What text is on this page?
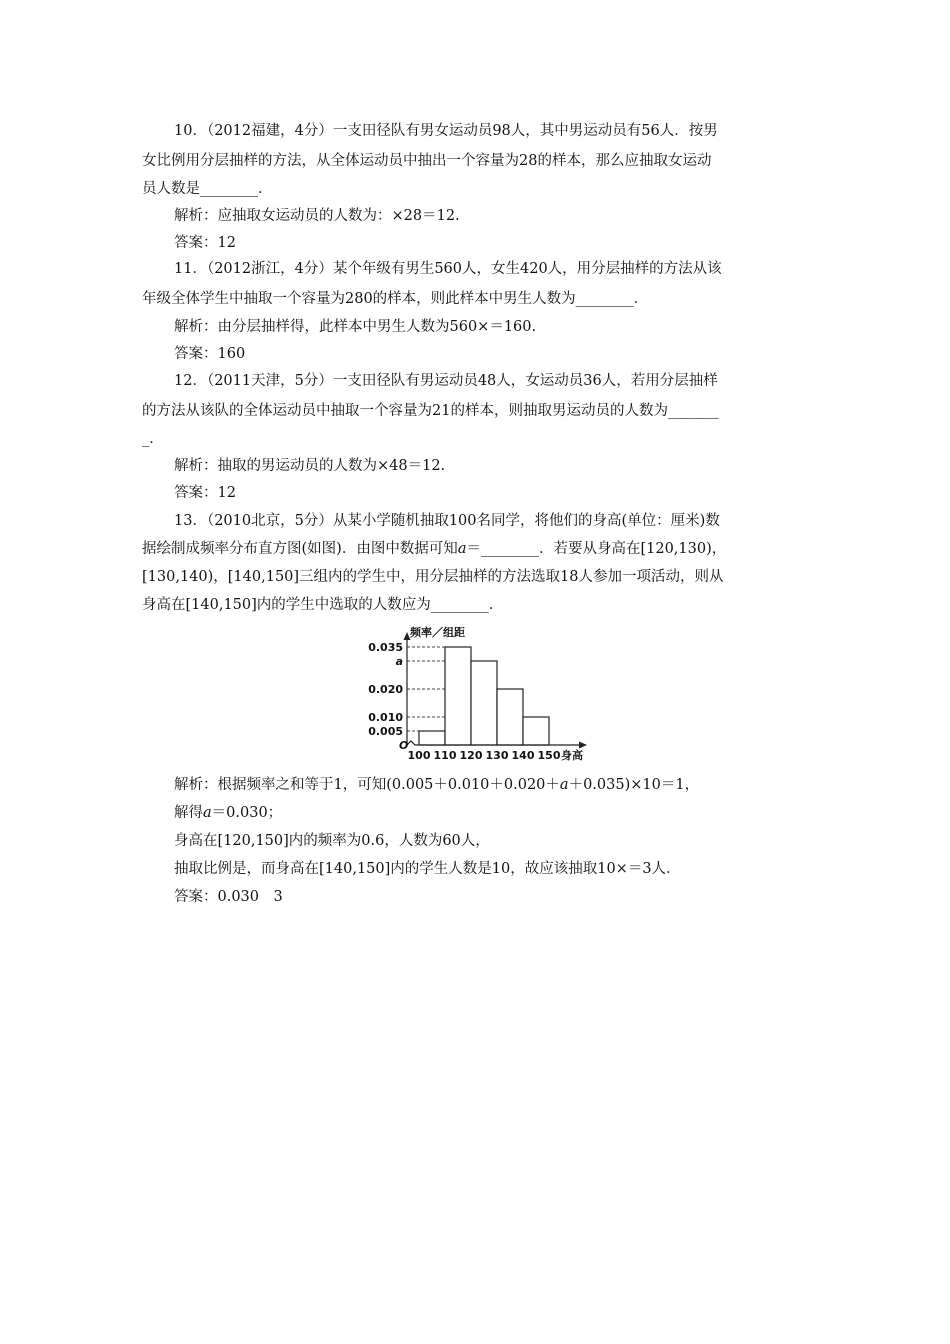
10．（2012福建，4分）一支田径队有男女运动员98人，其中男运动员有56人．按男
女比例用分层抽样的方法，从全体运动员中抽出一个容量为28的样本，那么应抽取女运动
员人数是________．
解析：应抽取女运动员的人数为：×28＝12.
答案：12
11．（2012浙江，4分）某个年级有男生560人，女生420人，用分层抽样的方法从该
年级全体学生中抽取一个容量为280的样本，则此样本中男生人数为________．
解析：由分层抽样得，此样本中男生人数为560×＝160.
答案：160
12．（2011天津，5分）一支田径队有男运动员48人，女运动员36人，若用分层抽样
的方法从该队的全体运动员中抽取一个容量为21的样本，则抽取男运动员的人数为_______
_．
解析：抽取的男运动员的人数为×48＝12.
答案：12
13．（2010北京，5分）从某小学随机抽取100名同学，将他们的身高(单位：厘米)数
据绘制成频率分布直方图(如图)．由图中数据可知a＝________．若要从身高在[120,130)，
[130,140)，[140,150]三组内的学生中，用分层抽样的方法选取18人参加一项活动，则从
身高在[140,150]内的学生中选取的人数应为________．
0.035
a
0.020
0.010
0.005
频率／组距
身高
O
100 110 120 130 140 150
解析：根据频率之和等于1，可知(0.005＋0.010＋0.020＋a＋0.035)×10＝1，
解得a＝0.030；
身高在[120,150]内的频率为0.6，人数为60人，
抽取比例是，而身高在[140,150]内的学生人数是10，故应该抽取10×＝3人．
答案：0.030　3
